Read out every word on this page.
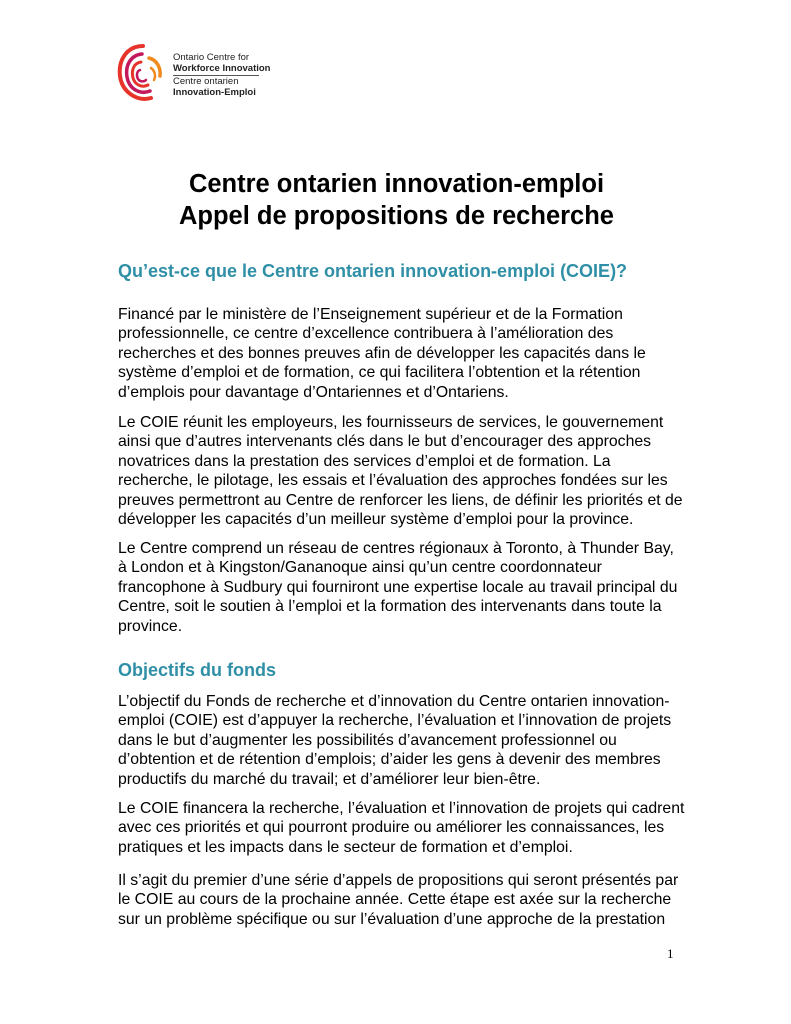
Ontario Centre for
Workforce Innovation
Centre ontarien
Innovation-Emploi
Centre ontarien innovation-emploi
Appel de propositions de recherche
Qu’est-ce que le Centre ontarien innovation-emploi (COIE)?
Financé par le ministère de l’Enseignement supérieur et de la Formation
professionnelle, ce centre d’excellence contribuera à l’amélioration des
recherches et des bonnes preuves afin de développer les capacités dans le
système d’emploi et de formation, ce qui facilitera l’obtention et la rétention
d’emplois pour davantage d’Ontariennes et d’Ontariens.
Le COIE réunit les employeurs, les fournisseurs de services, le gouvernement
ainsi que d’autres intervenants clés dans le but d’encourager des approches
novatrices dans la prestation des services d’emploi et de formation. La
recherche, le pilotage, les essais et l’évaluation des approches fondées sur les
preuves permettront au Centre de renforcer les liens, de définir les priorités et de
développer les capacités d’un meilleur système d’emploi pour la province.
Le Centre comprend un réseau de centres régionaux à Toronto, à Thunder Bay,
à London et à Kingston/Gananoque ainsi qu’un centre coordonnateur
francophone à Sudbury qui fourniront une expertise locale au travail principal du
Centre, soit le soutien à l’emploi et la formation des intervenants dans toute la
province.
Objectifs du fonds
L’objectif du Fonds de recherche et d’innovation du Centre ontarien innovation-
emploi (COIE) est d’appuyer la recherche, l’évaluation et l’innovation de projets
dans le but d’augmenter les possibilités d’avancement professionnel ou
d’obtention et de rétention d’emplois; d’aider les gens à devenir des membres
productifs du marché du travail; et d’améliorer leur bien-être.
Le COIE financera la recherche, l’évaluation et l’innovation de projets qui cadrent
avec ces priorités et qui pourront produire ou améliorer les connaissances, les
pratiques et les impacts dans le secteur de formation et d’emploi.
Il s’agit du premier d’une série d’appels de propositions qui seront présentés par
le COIE au cours de la prochaine année. Cette étape est axée sur la recherche
sur un problème spécifique ou sur l’évaluation d’une approche de la prestation
1
